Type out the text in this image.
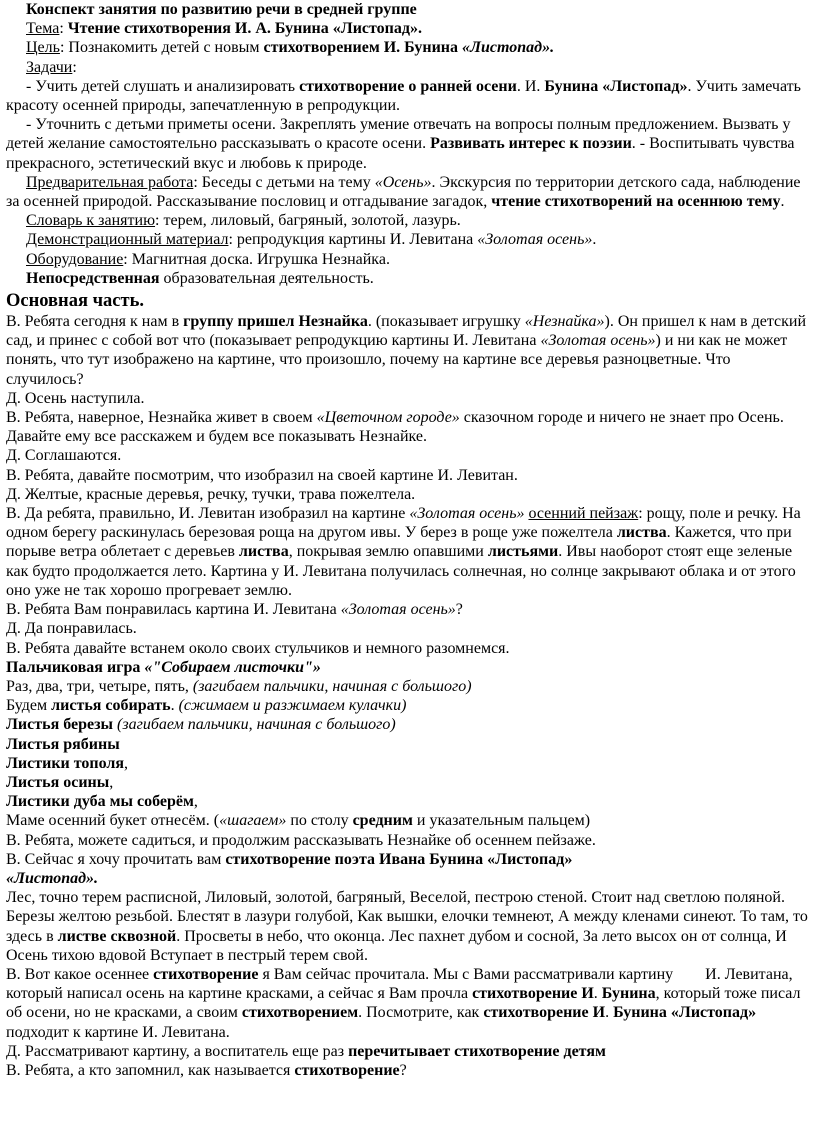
Конспект занятия по развитию речи в средней группе

Тема: Чтение стихотворения И. А. Бунина «Листопад».

Цель: Познакомить детей с новым стихотворением И. Бунина «Листопад».

Задачи:

- Учить детей слушать и анализировать стихотворение о ранней осени. И. Бунина «Листопад». Учить замечать красоту осенней природы, запечатленную в репродукции.

- Уточнить с детьми приметы осени. Закреплять умение отвечать на вопросы полным предложением. Вызвать у детей желание самостоятельно рассказывать о красоте осени. Развивать интерес к поэзии. - Воспитывать чувства прекрасного, эстетический вкус и любовь к природе.

Предварительная работа: Беседы с детьми на тему «Осень». Экскурсия по территории детского сада, наблюдение за осенней природой. Рассказывание пословиц и отгадывание загадок, чтение стихотворений на осеннюю тему.

Словарь к занятию: терем, лиловый, багряный, золотой, лазурь.

Демонстрационный материал: репродукция картины И. Левитана «Золотая осень».

Оборудование: Магнитная доска. Игрушка Незнайка.

Непосредственная образовательная деятельность.

Основная часть.

В. Ребята сегодня к нам в группу пришел Незнайка. (показывает игрушку «Незнайка»). Он пришел к нам в детский сад, и принес с собой вот что (показывает репродукцию картины И. Левитана «Золотая осень») и ни как не может понять, что тут изображено на картине, что произошло, почему на картине все деревья разноцветные. Что случилось?

Д. Осень наступила.

В. Ребята, наверное, Незнайка живет в своем «Цветочном городе» сказочном городе и ничего не знает про Осень. Давайте ему все расскажем и будем все показывать Незнайке.

Д. Соглашаются.

В. Ребята, давайте посмотрим, что изобразил на своей картине И. Левитан.

Д. Желтые, красные деревья, речку, тучки, трава пожелтела.

В. Да ребята, правильно, И. Левитан изобразил на картине «Золотая осень» осенний пейзаж: рощу, поле и речку. На одном берегу раскинулась березовая роща на другом ивы. У берез в роще уже пожелтела листва. Кажется, что при порыве ветра облетает с деревьев листва, покрывая землю опавшими листьями. Ивы наоборот стоят еще зеленые как будто продолжается лето. Картина у И. Левитана получилась солнечная, но солнце закрывают облака и от этого оно уже не так хорошо прогревает землю.

В. Ребята Вам понравилась картина И. Левитана «Золотая осень»?

Д. Да понравилась.

В. Ребята давайте встанем около своих стульчиков и немного разомнемся.

Пальчиковая игра «"Собираем листочки"»

Раз, два, три, четыре, пять, (загибаем пальчики, начиная с большого)

Будем листья собирать. (сжимаем и разжимаем кулачки)

Листья березы (загибаем пальчики, начиная с большого)

Листья рябины

Листики тополя,

Листья осины,

Листики дуба мы соберём,

Маме осенний букет отнесём. («шагаем» по столу средним и указательным пальцем)

В. Ребята, можете садиться, и продолжим рассказывать Незнайке об осеннем пейзаже.

В. Сейчас я хочу прочитать вам стихотворение поэта Ивана Бунина «Листопад»

«Листопад».

Лес, точно терем расписной, Лиловый, золотой, багряный, Веселой, пестрою стеной. Стоит над светлою поляной. Березы желтою резьбой. Блестят в лазури голубой, Как вышки, елочки темнеют, А между кленами синеют. То там, то здесь в листве сквозной. Просветы в небо, что оконца. Лес пахнет дубом и сосной, За лето высох он от солнца, И Осень тихою вдовой Вступает в пестрый терем свой.

В. Вот какое осеннее стихотворение я Вам сейчас прочитала. Мы с Вами рассматривали картину        И. Левитана, который написал осень на картине красками, а сейчас я Вам прочла стихотворение И. Бунина, который тоже писал об осени, но не красками, а своим стихотворением. Посмотрите, как стихотворение И. Бунина «Листопад» подходит к картине И. Левитана.

Д. Рассматривают картину, а воспитатель еще раз перечитывает стихотворение детям

В. Ребята, а кто запомнил, как называется стихотворение?
